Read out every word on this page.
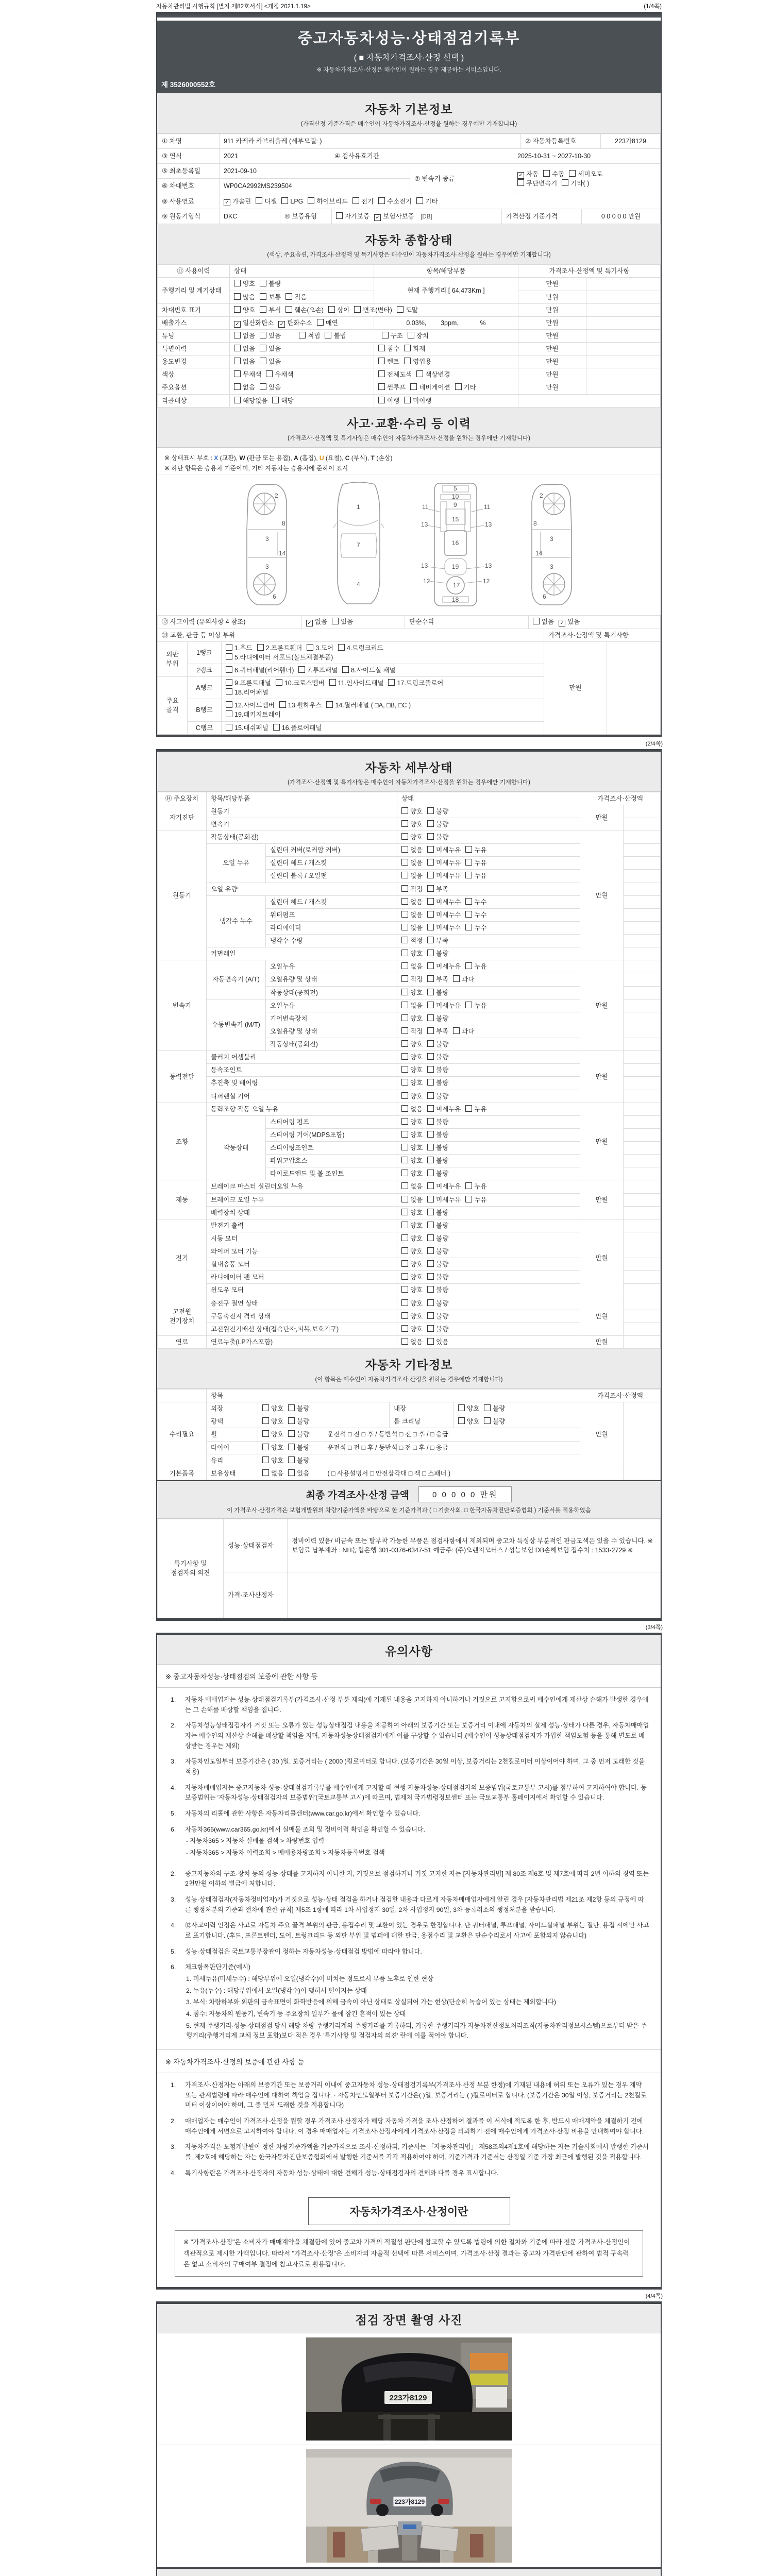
자동차관리법 시행규칙 [별지 제82호서식] <개정 2021.1.19>	(1/4쪽)
중고자동차성능·상태점검기록부
( ■ 자동차가격조사·산정 선택 )
※ 자동차가격조사·산정은 매수인이 원하는 경우 제공하는 서비스입니다.
제 3526000552호
자동차 기본정보
(가격산정 기준가격은 매수인이 자동차가격조사·산정을 원하는 경우에만 기재합니다)
① 차명	911 카레라 카브리올레 (세부모델: )	② 자동차등록번호	223가8129
③ 연식	2021	④ 검사유효기간	2025-10-31 ~ 2027-10-30
⑤ 최초등록일	2021-09-10	⑦ 변속기 종류	✓ 자동 수동 세미오토
무단변속기 기타( )
⑥ 차대번호	WP0CA2992MS239504		
⑧ 사용연료	✓ 가솔린 디젤 LPG 하이브리드 전기 수소전기 기타
⑨ 원동기형식	DKC	⑩ 보증유형	자가보증 ✓ 보험사보증 [DB]	가격산정 기준가격	0 0 0 0 0 만원
자동차 종합상태
(색상, 주요옵션, 가격조사·산정액 및 특기사항은 매수인이 자동차가격조사·산정을 원하는 경우에만 기재합니다)
⑪ 사용이력	상태	항목/해당부품	가격조사·산정액 및 특기사항	
주행거리 및 계기상태	양호 불량	현재 주행거리 [ 64,473Km ]	만원	
	많음 보통 적음		만원	
차대번호 표기	양호 부식 훼손(오손) 상이 변조(변타) 도말		만원	
배출가스	✓ 일산화탄소 ✓ 탄화수소 매연	0.03%,        3ppm,            %	만원	
튜닝	없음 있음 적법 불법 구조 장치		만원	
특별이력	없음 있음	침수 화재	만원	
용도변경	없음 있음	렌트 영업용	만원	
색상	무채색 유채색	전체도색 색상변경	만원	
주요옵션	없음 있음	썬루프 네비게이션 기타	만원	
리콜대상	해당없음 해당	이행 미이행		
사고·교환·수리 등 이력
(가격조사·산정액 및 특기사항은 매수인이 자동차가격조사·산정을 원하는 경우에만 기재합니다)
※ 상태표시 부호 : X (교환), W (판금 또는 용접), A (흠집), U (요철), C (부식), T (손상)
※ 하단 항목은 승용차 기준이며, 기타 자동차는 승용차에 준하여 표시
2
8
3
14
3
6
1
7
4
5
10
9
15
16
19
17
18
11	11
13	13
13	13
12	12
2
8
3
14
3
6
⑫ 사고이력 (유의사항 4 참조)	✓ 없음 있음	단순수리	없음 ✓ 있음
⑬ 교환, 판금 등 이상 부위	가격조사·산정액 및 특기사항
외판
부위	1랭크	1.후드 2.프론트휀더 3.도어 4.트렁크리드
5.라디에이터 서포트(볼트체결부품)	만원	
	2랭크	6.쿼터패널(리어휀더) 7.루프패널 8.사이드실 패널		
주요
골격	A랭크	9.프론트패널 10.크로스멤버 11.인사이드패널 17.트렁크플로어
18.리어패널		
	B랭크	12.사이드멤버 13.휠하우스 14.필러패널 ( □A, □B, □C )
19.패키지트레이		
	C랭크	15.대쉬패널 16.플로어패널		
(2/4쪽)
자동차 세부상태
(가격조사·산정액 및 특기사항은 매수인이 자동차가격조사·산정을 원하는 경우에만 기재합니다)
⑭ 주요장치	항목/해당부품		상태	가격조사·산정액	
자기진단	원동기		양호 불량	만원	
	변속기		양호 불량		
원동기	작동상태(공회전)		양호 불량	만원	
	오일 누유	실린더 커버(로커암 커버)	없음 미세누유 누유		
		실린더 헤드 / 개스킷	없음 미세누유 누유		
		실린더 블록 / 오일팬	없음 미세누유 누유		
	오일 유량		적정 부족		
	냉각수 누수	실린더 헤드 / 개스킷	없음 미세누수 누수		
		워터펌프	없음 미세누수 누수		
		라디에이터	없음 미세누수 누수		
		냉각수 수량	적정 부족		
	커먼레일		양호 불량		
변속기	자동변속기 (A/T)	오일누유	없음 미세누유 누유	만원	
		오일유량 및 상태	적정 부족 과다		
		작동상태(공회전)	양호 불량		
	수동변속기 (M/T)	오일누유	없음 미세누유 누유		
		기어변속장치	양호 불량		
		오일유량 및 상태	적정 부족 과다		
		작동상태(공회전)	양호 불량		
동력전달	클러치 어셈블리		양호 불량	만원	
	등속조인트		양호 불량		
	추진축 및 베어링		양호 불량		
	디퍼렌셜 기어		양호 불량		
조향	동력조향 작동 오일 누유		없음 미세누유 누유	만원	
	작동상태	스티어링 펌프	양호 불량		
		스티어링 기어(MDPS포함)	양호 불량		
		스티어링조인트	양호 불량		
		파워고압호스	양호 불량		
		타이로드엔드 및 볼 조인트	양호 불량		
제동	브레이크 마스터 실린더오일 누유		없음 미세누유 누유	만원	
	브레이크 오일 누유		없음 미세누유 누유		
	배력장치 상태		양호 불량		
전기	발전기 출력		양호 불량	만원	
	시동 모터		양호 불량		
	와이퍼 모터 기능		양호 불량		
	실내송풍 모터		양호 불량		
	라디에이터 팬 모터		양호 불량		
	윈도우 모터		양호 불량		
고전원 전기장치	충전구 절연 상태		양호 불량	만원	
	구동축전지 격리 상태		양호 불량		
	고전원전기배선 상태(접속단자,피복,보호기구)		양호 불량		
연료	연료누출(LP가스포함)		없음 있음	만원	
자동차 기타정보
(이 항목은 매수인이 자동차가격조사·산정을 원하는 경우에만 기재합니다)
	항목				가격조사·산정액	
수리필요	외장	양호 불량	내장	양호 불량	만원	
	광택	양호 불량	룸 크리닝	양호 불량		
	휠	양호 불량 운전석 □ 전 □ 후 / 동반석 □ 전 □ 후 / □ 응급				
	타이어	양호 불량 운전석 □ 전 □ 후 / 동반석 □ 전 □ 후 / □ 응급				
	유리	양호 불량				
기본품목	보유상태	없음 있음 ( □ 사용설명서 □ 안전삼각대 □ 잭 □ 스패너 )				
최종 가격조사·산정 금액	0 0 0 0 0 만원
이 가격조사·산정가격은 보험개발원의 차량기준가액을 바탕으로 한 기준가격과 ( □ 기술사회, □ 한국자동차진단보증협회 ) 기준서를 적용하였음
특기사항 및 점검자의 의견	성능·상태점검자	정비이력 있음/ 비금속 또는 탈부착 가능한 부품은 점검사항에서 제외되며 중고차 특성상 부분적인 판금도색은 있을 수 있습니다. ※보험료 납부계좌 : NH농협은행 301-0376-6347-51 예금주: (주)오렌지모터스 / 성능보험 DB손해보험 접수처 : 1533-2729 ※
	가격·조사산정자	
(3/4쪽)
유의사항
※ 중고자동차성능·상태점검의 보증에 관한 사항 등
1.	자동차 매매업자는 성능·상태점검기록부(가격조사·산정 부분 제외)에 기재된 내용을 고지하지 아니하거나 거짓으로 고지함으로써 매수인에게 재산상 손해가 발생한 경우에는 그 손해를 배상할 책임을 집니다.
2.	자동차성능상태점검자가 거짓 또는 오류가 있는 성능상태점검 내용을 제공하여 아래의 보증기간 또는 보증거리 이내에 자동차의 실제 성능·상태가 다른 경우, 자동차매매업자는 매수인의 재산상 손해를 배상할 책임을 지며, 자동차성능상태점검자에게 이를 구상할 수 있습니다.(매수인이 성능상태점검자가 가입한 책임보험 등을 통해 별도로 배상받는 경우는 제외)
3.	자동차인도일부터 보증기간은 ( 30 )일, 보증거리는 ( 2000 )킬로미터로 합니다. (보증기간은 30일 이상, 보증거리는 2천킬로미터 이상이어야 하며, 그 중 먼저 도래한 것을 적용)
4.	자동차매매업자는 중고자동차 성능·상태점검기록부를 매수인에게 고지할 때 현행 자동차성능·상태점검자의 보증범위(국토교통부 고시)를 첨부하여 고지하여야 합니다. 동 보증범위는 '자동차성능·상태점검자의 보증범위'(국토교통부 고시)에 따르며, 법제처 국가법령정보센터 또는 국토교통부 홈페이지에서 확인할 수 있습니다.
5.	자동차의 리콜에 관한 사항은 자동차리콜센터(www.car.go.kr)에서 확인할 수 있습니다.
6.	자동차365(www.car365.go.kr)에서 실매물 조회 및 정비이력 확인을 확인할 수 있습니다.
- 자동차365 > 자동차 실매물 검색 > 차량번호 입력
- 자동차365 > 자동차 이력조회 > 매매용차량조회 > 자동차등록번호 검색
2.	중고자동차의 구조·장치 등의 성능·상태를 고지하지 아니한 자, 거짓으로 점검하거나 거짓 고지한 자는 [자동차관리법] 제 80조 제6호 및 제7호에 따라 2년 이하의 징역 또는 2천만원 이하의 벌금에 처합니다.
3.	성능·상태점검자(자동차정비업자)가 거짓으로 성능·상태 점검을 하거나 점검한 내용과 다르게 자동차매매업자에게 알린 경우 [자동차관리법 제21조 제2항 등의 규정에 따른 행정처분의 기준과 절차에 관한 규칙] 제5조 1항에 따라 1차 사업정지 30일, 2차 사업정지 90일, 3차 등록취소의 행정처분을 받습니다.
4.	⑫사고이력 인정은 사고로 자동차 주요 골격 부위의 판금, 용접수리 및 교환이 있는 경우로 한정합니다. 단 쿼터패널, 루프패널, 사이드실패널 부위는 절단, 용접 시에만 사고로 표기합니다. (후드, 프론트펜더, 도어, 트렁크리드 등 외판 부위 및 범퍼에 대한 판금, 용접수리 및 교환은 단순수리로서 사고에 포함되지 않습니다)
5.	성능·상태점검은 국토교통부장관이 정하는 자동차성능·상태점검 방법에 따라야 합니다.
6.	체크항목판단기준(예시)
1. 미세누유(미세누수) : 해당부위에 오일(냉각수)이 비치는 정도로서 부품 노후로 인한 현상
2. 누유(누수) : 해당부위에서 오일(냉각수)이 맺혀서 떨어지는 상태
3. 부식: 차량하부와 외판의 금속표면이 화학반응에 의해 금속이 아닌 상태로 상실되어 가는 현상(단순히 녹슬어 있는 상태는 제외합니다)
4. 침수: 자동차의 원동기, 변속기 등 주요장치 일부가 물에 잠긴 흔적이 있는 상태
5. 현재 주행거리·성능·상태점검 당시 해당 차량 주행거리계의 주행거리를 기록하되, 기록한 주행거리가 자동차전산정보처리조직(자동차관리정보시스템)으로부터 받은 주행거리(주행거리계 교체 정보 포함)보다 적은 경우 '특기사항 및 점검자의 의견' 란에 이를 적어야 합니다.
※ 자동차가격조사·산정의 보증에 관한 사항 등
1.	가격조사·산정자는 아래의 보증기간 또는 보증거리 이내에 중고자동차 성능·상태점검기록부(가격조사·산정 부분 한정)에 기재된 내용에 허위 또는 오류가 있는 경우 계약 또는 관계법령에 따라 매수인에 대하여 책임을 집니다. · 자동차인도일부터 보증기간은( )일, 보증거리는 ( )킬로미터로 합니다. (보증기간은 30일 이상, 보증거리는 2천킬로미터 이상이어야 하며, 그 중 먼저 도래한 것을 적용합니다)
2.	매매업자는 매수인이 가격조사·산정을 원할 경우 가격조사·산정자가 해당 자동차 가격을 조사·산정하여 결과를 이 서식에 적도록 한 후, 반드시 매매계약을 체결하기 전에 매수인에게 서면으로 고지하여야 합니다. 이 경우 매매업자는 가격조사·산정자에게 가격조사·산정을 의뢰하기 전에 매수인에게 가격조사·산정 비용을 안내하여야 합니다.
3.	자동차가격은 보험개발원이 정한 차량기준가액을 기준가격으로 조사·산정하되, 기준서는 「자동차관리법」 제58조의4제1호에 해당하는 자는 기술사회에서 발행한 기준서를, 제2호에 해당하는 자는 한국자동차진단보증협회에서 발행한 기준서를 각각 적용하여야 하며, 기준가격과 기준서는 산정일 기준 가장 최근에 발행된 것을 적용합니다.
4.	특기사항란은 가격조사·산정자의 자동차 성능·상태에 대한 견해가 성능·상태점검자의 견해와 다를 경우 표시합니다.
자동차가격조사·산정이란
※ "가격조사·산정"은 소비자가 매매계약을 체결함에 있어 중고차 가격의 적절성 판단에 참고할 수 있도록 법령에 의한 절차와 기준에 따라 전문 가격조사·산정인이 객관적으로 제시한 가액입니다. 따라서 "가격조사·산정"은 소비자의 자율적 선택에 따른 서비스이며, 가격조사·산정 결과는 중고차 가격판단에 관하여 법적 구속력은 없고 소비자의 구매여부 결정에 참고자료로 활용됩니다.
(4/4쪽)
점검 장면 촬영 사진
223가8129
223가8129
